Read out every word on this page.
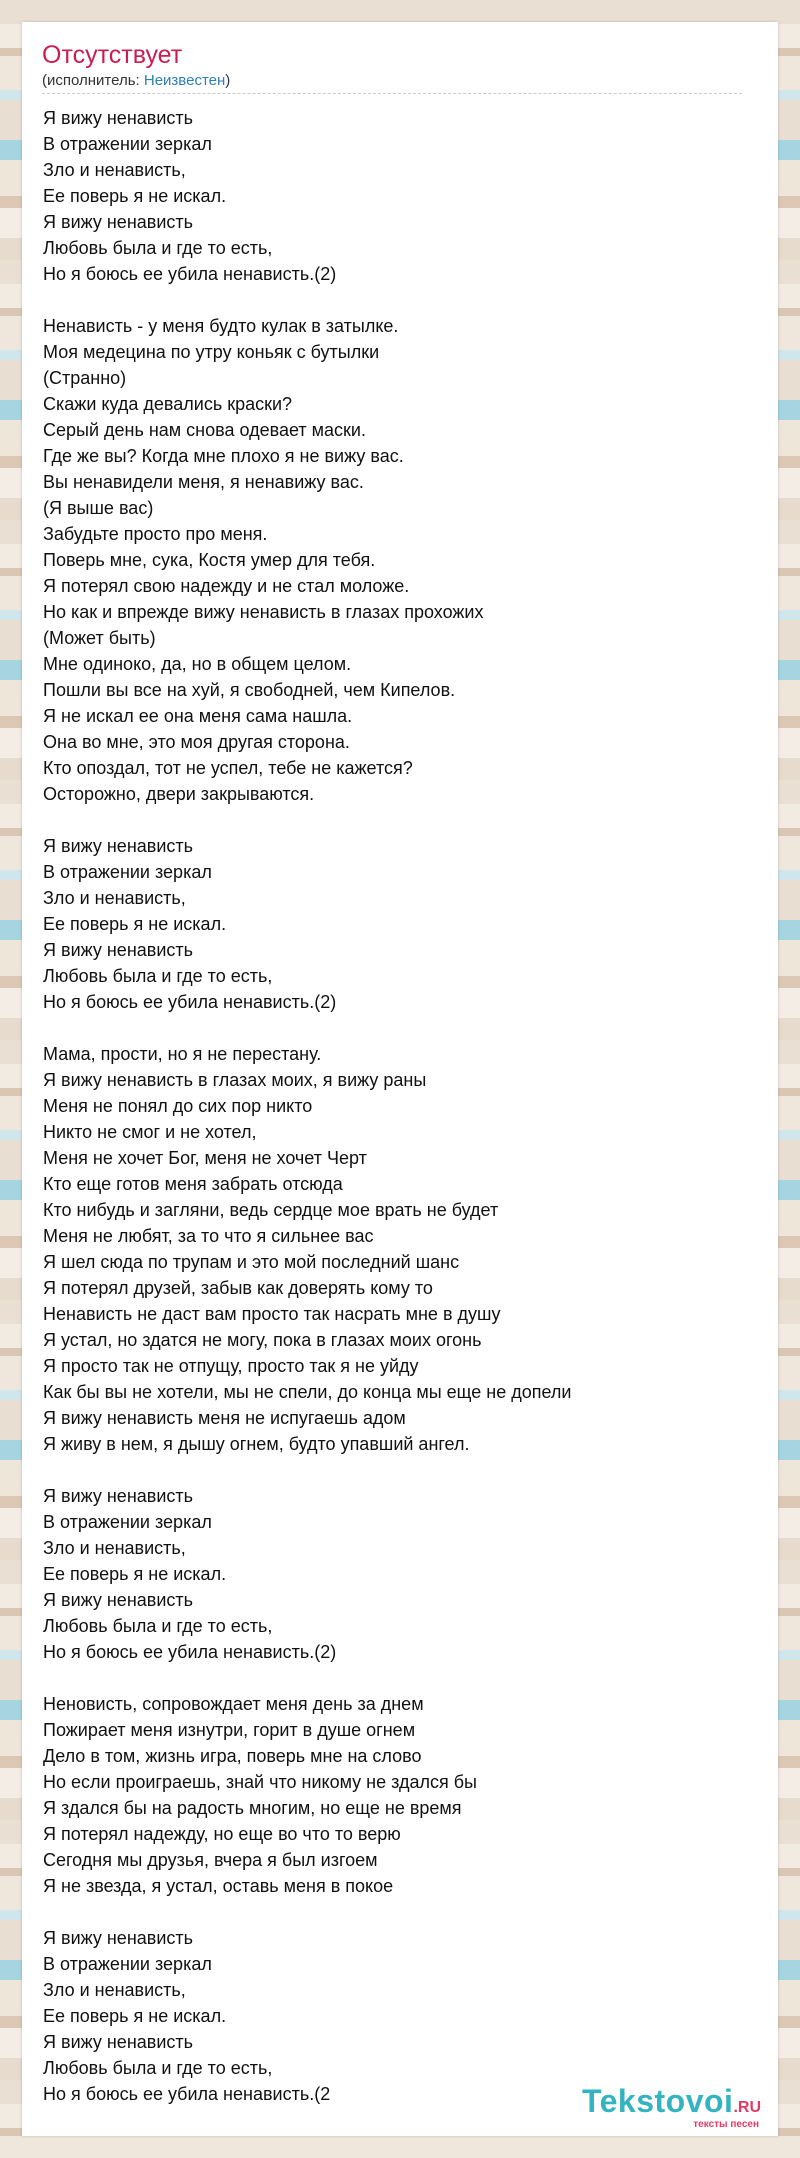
Отсутствует
(исполнитель: Неизвестен)
Я вижу ненависть
В отражении зеркал
Зло и ненависть,
Ее поверь я не искал.
Я вижу ненависть
Любовь была и где то есть,
Но я боюсь ее убила ненависть.(2)
Ненависть - у меня будто кулак в затылке.
Моя медецина по утру коньяк с бутылки
(Странно)
Скажи куда девались краски?
Серый день нам снова одевает маски.
Где же вы? Когда мне плохо я не вижу вас.
Вы ненавидели меня, я ненавижу вас.
(Я выше вас)
Забудьте просто про меня.
Поверь мне, сука, Костя умер для тебя.
Я потерял свою надежду и не стал моложе.
Но как и впрежде вижу ненависть в глазах прохожих
(Может быть)
Мне одиноко, да, но в общем целом.
Пошли вы все на хуй, я свободней, чем Кипелов.
Я не искал ее она меня сама нашла.
Она во мне, это моя другая сторона.
Кто опоздал, тот не успел, тебе не кажется?
Осторожно, двери закрываются.
Я вижу ненависть
В отражении зеркал
Зло и ненависть,
Ее поверь я не искал.
Я вижу ненависть
Любовь была и где то есть,
Но я боюсь ее убила ненависть.(2)
Мама, прости, но я не перестану.
Я вижу ненависть в глазах моих, я вижу раны
Меня не понял до сих пор никто
Никто не смог и не хотел,
Меня не хочет Бог, меня не хочет Черт
Кто еще готов меня забрать отсюда
Кто нибудь и загляни, ведь сердце мое врать не будет
Меня не любят, за то что я сильнее вас
Я шел сюда по трупам и это мой последний шанс
Я потерял друзей, забыв как доверять кому то
Ненависть не даст вам просто так насрать мне в душу
Я устал, но здатся не могу, пока в глазах моих огонь
Я просто так не отпущу, просто так я не уйду
Как бы вы не хотели, мы не спели, до конца мы еще не допели
Я вижу ненависть меня не испугаешь адом
Я живу в нем, я дышу огнем, будто упавший ангел.
Я вижу ненависть
В отражении зеркал
Зло и ненависть,
Ее поверь я не искал.
Я вижу ненависть
Любовь была и где то есть,
Но я боюсь ее убила ненависть.(2)
Неновисть, сопровождает меня день за днем
Пожирает меня изнутри, горит в душе огнем
Дело в том, жизнь игра, поверь мне на слово
Но если проиграешь, знай что никому не здался бы
Я здался бы на радость многим, но еще не время
Я потерял надежду, но еще во что то верю
Сегодня мы друзья, вчера я был изгоем
Я не звезда, я устал, оставь меня в покое
Я вижу ненависть
В отражении зеркал
Зло и ненависть,
Ее поверь я не искал.
Я вижу ненависть
Любовь была и где то есть,
Но я боюсь ее убила ненависть.(2	Tekstovoi.RU
тексты песен
